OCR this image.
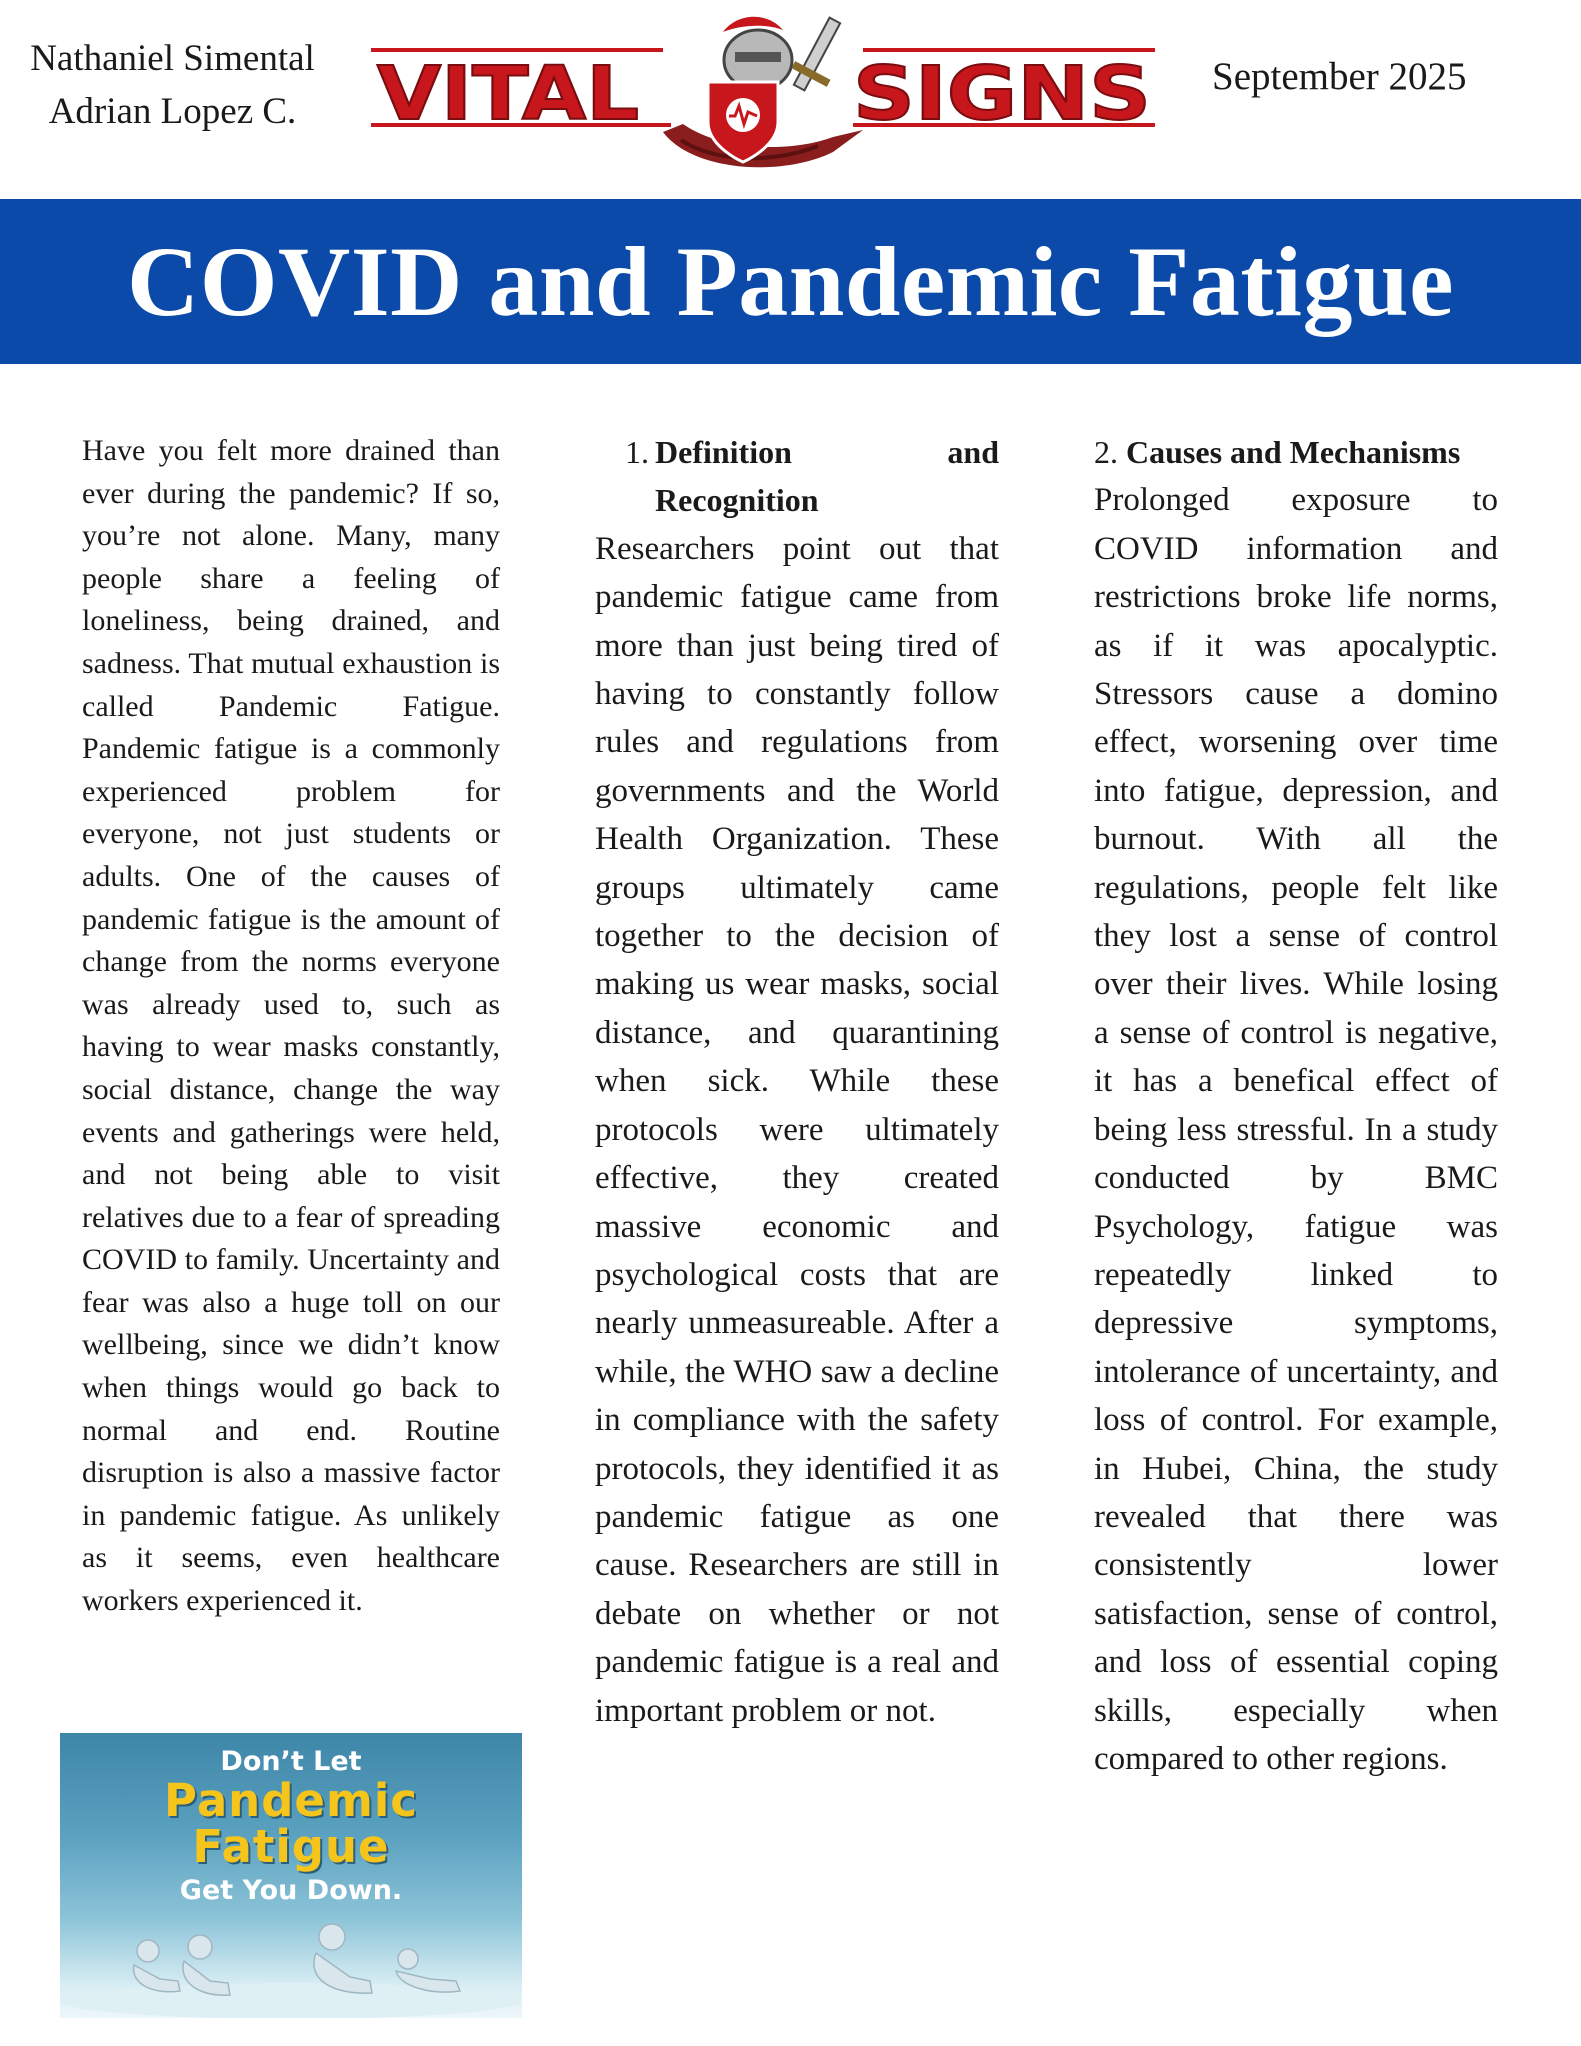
Nathaniel Simental
Adrian Lopez C.	VITAL	SIGNS September 2025
COVID and Pandemic Fatigue

Have you felt more drained than ever during the pandemic? If so, you’re not alone. Many, many people share a feeling of loneliness, being drained, and sadness. That mutual exhaustion is called Pandemic Fatigue. Pandemic fatigue is a commonly experienced problem for everyone, not just students or adults. One of the causes of pandemic fatigue is the amount of change from the norms everyone was already used to, such as having to wear masks constantly, social distance, change the way events and gatherings were held, and not being able to visit relatives due to a fear of spreading COVID to family. Uncertainty and fear was also a huge toll on our wellbeing, since we didn’t know when things would go back to normal and end. Routine disruption is also a massive factor in pandemic fatigue. As unlikely as it seems, even healthcare workers experienced it.

Don’t Let
Pandemic
Fatigue
Get You Down.
1. Definition and
Recognition

Researchers point out that pandemic fatigue came from more than just being tired of having to constantly follow rules and regulations from governments and the World Health Organization. These groups ultimately came together to the decision of making us wear masks, social distance, and quarantining when sick. While these protocols were ultimately effective, they created massive economic and psychological costs that are nearly unmeasureable. After a while, the WHO saw a decline in compliance with the safety protocols, they identified it as pandemic fatigue as one cause. Researchers are still in debate on whether or not pandemic fatigue is a real and important problem or not.

2. Causes and Mechanisms

Prolonged exposure to COVID information and restrictions broke life norms, as if it was apocalyptic. Stressors cause a domino effect, worsening over time into fatigue, depression, and burnout. With all the regulations, people felt like they lost a sense of control over their lives. While losing a sense of control is negative, it has a benefical effect of being less stressful. In a study conducted by BMC Psychology, fatigue was repeatedly linked to depressive symptoms, intolerance of uncertainty, and loss of control. For example, in Hubei, China, the study revealed that there was consistently lower satisfaction, sense of control, and loss of essential coping skills, especially when compared to other regions.
